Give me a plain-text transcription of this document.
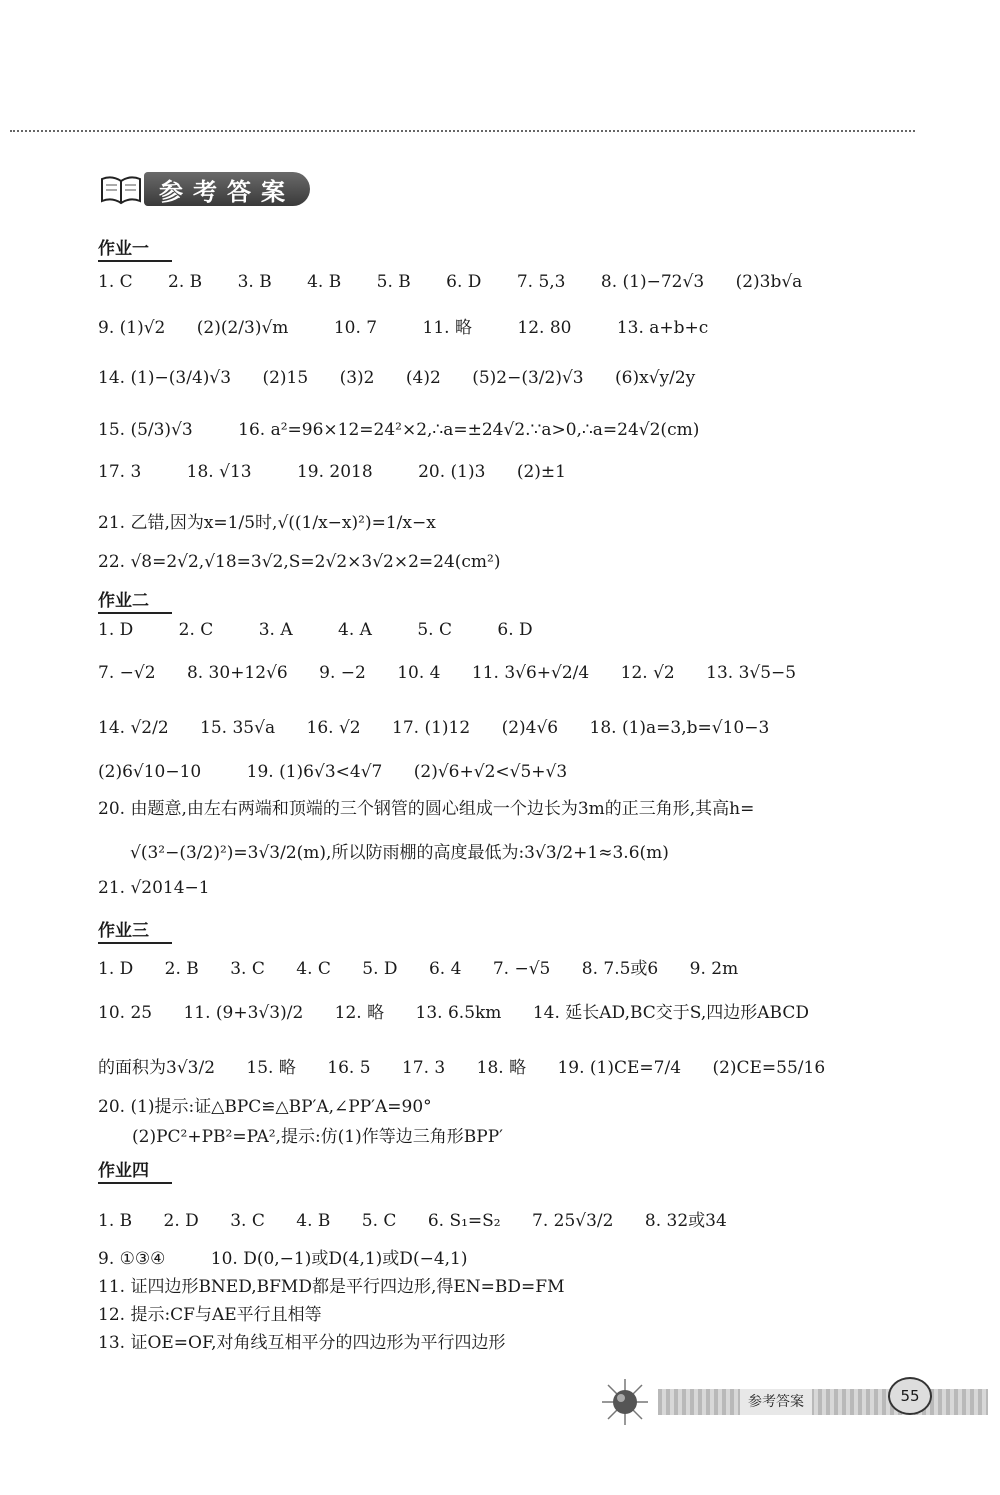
参考答案
作业一
1. C 2. B 3. B 4. B 5. B 6. D 7. 5,3 8. (1)−72√3 (2)3b√a
9. (1)√2 (2)(2/3)√m	10. 7	11. 略	12. 80	13. a+b+c
14. (1)−(3/4)√3 (2)15 (3)2 (4)2 (5)2−(3/2)√3 (6)x√y/2y
15. (5/3)√3	16. a²=96×12=24²×2,∴a=±24√2.∵a>0,∴a=24√2(cm)
17. 3	18. √13	19. 2018	20. (1)3 (2)±1
21. 乙错,因为x=1/5时,√((1/x−x)²)=1/x−x
22. √8=2√2,√18=3√2,S=2√2×3√2×2=24(cm²)
作业二
1. D	2. C	3. A	4. A	5. C	6. D
7. −√2 8. 30+12√6 9. −2 10. 4 11. 3√6+√2/4 12. √2 13. 3√5−5
14. √2/2 15. 35√a 16. √2 17. (1)12 (2)4√6 18. (1)a=3,b=√10−3
(2)6√10−10	19. (1)6√3<4√7 (2)√6+√2<√5+√3
20. 由题意,由左右两端和顶端的三个钢管的圆心组成一个边长为3m的正三角形,其高h=
√(3²−(3/2)²)=3√3/2(m),所以防雨棚的高度最低为:3√3/2+1≈3.6(m)
21. √2014−1
作业三
1. D 2. B 3. C 4. C 5. D 6. 4 7. −√5 8. 7.5或6 9. 2m
10. 25 11. (9+3√3)/2 12. 略 13. 6.5km 14. 延长AD,BC交于S,四边形ABCD
的面积为3√3/2 15. 略 16. 5 17. 3 18. 略 19. (1)CE=7/4 (2)CE=55/16
20. (1)提示:证△BPC≌△BP′A,∠PP′A=90°
(2)PC²+PB²=PA²,提示:仿(1)作等边三角形BPP′
作业四
1. B 2. D 3. C 4. B 5. C 6. S₁=S₂ 7. 25√3/2 8. 32或34
9. ①③④	10. D(0,−1)或D(4,1)或D(−4,1)
11. 证四边形BNED,BFMD都是平行四边形,得EN=BD=FM
12. 提示:CF与AE平行且相等
13. 证OE=OF,对角线互相平分的四边形为平行四边形
参考答案	55
